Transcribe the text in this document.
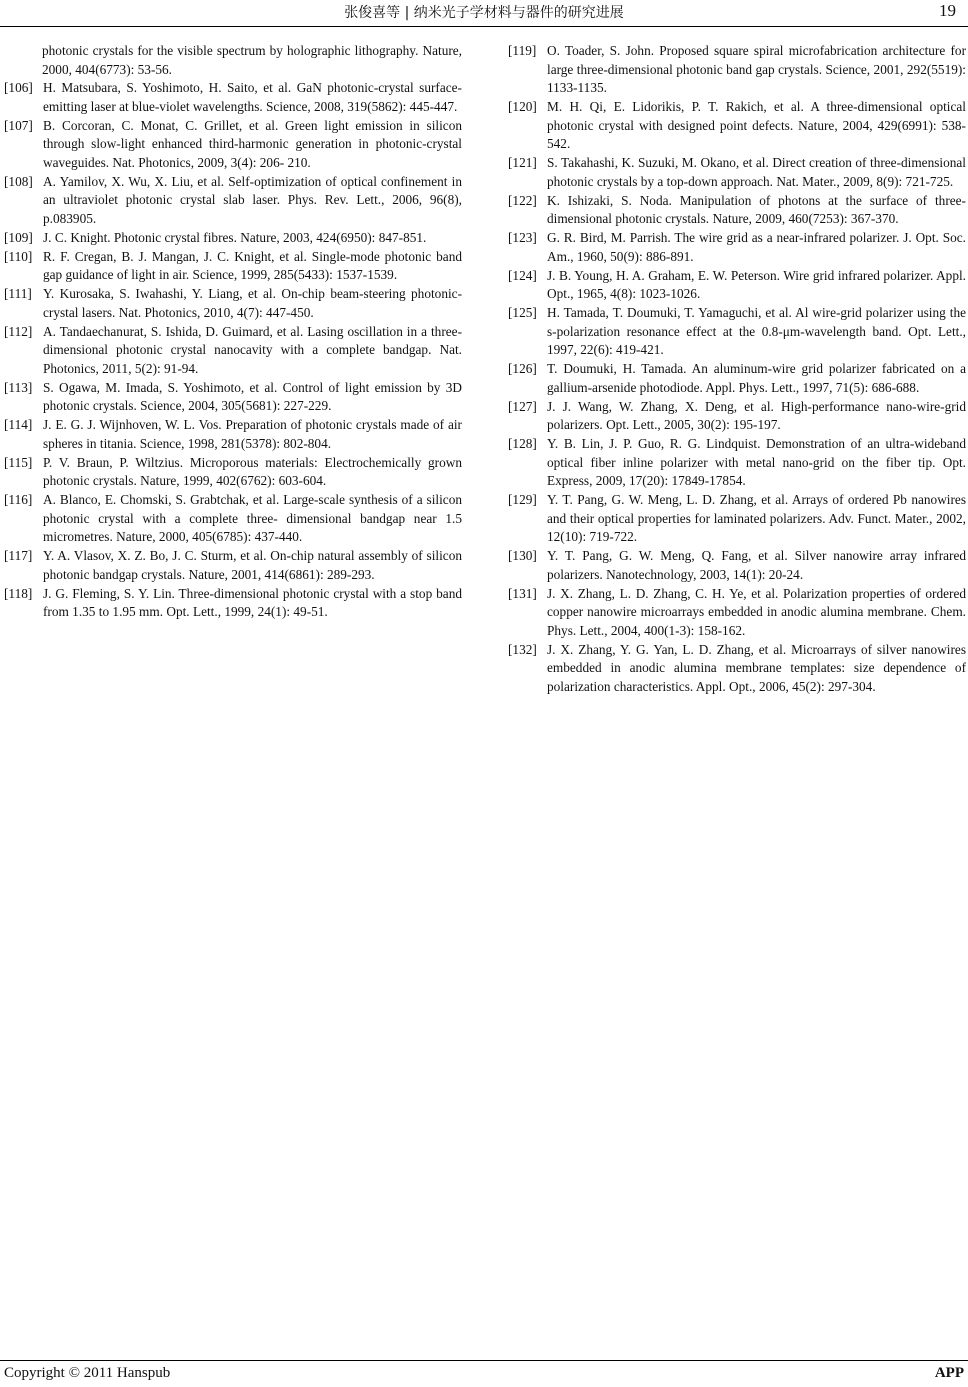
张俊喜等 | 纳米光子学材料与器件的研究进展	19
photonic crystals for the visible spectrum by holographic lithography. Nature, 2000, 404(6773): 53-56.
[106] H. Matsubara, S. Yoshimoto, H. Saito, et al. GaN photonic-crystal surface-emitting laser at blue-violet wavelengths. Science, 2008, 319(5862): 445-447.
[107] B. Corcoran, C. Monat, C. Grillet, et al. Green light emission in silicon through slow-light enhanced third-harmonic generation in photonic-crystal waveguides. Nat. Photonics, 2009, 3(4): 206- 210.
[108] A. Yamilov, X. Wu, X. Liu, et al. Self-optimization of optical confinement in an ultraviolet photonic crystal slab laser. Phys. Rev. Lett., 2006, 96(8), p.083905.
[109] J. C. Knight. Photonic crystal fibres. Nature, 2003, 424(6950): 847-851.
[110] R. F. Cregan, B. J. Mangan, J. C. Knight, et al. Single-mode photonic band gap guidance of light in air. Science, 1999, 285(5433): 1537-1539.
[111] Y. Kurosaka, S. Iwahashi, Y. Liang, et al. On-chip beam-steering photonic-crystal lasers. Nat. Photonics, 2010, 4(7): 447-450.
[112] A. Tandaechanurat, S. Ishida, D. Guimard, et al. Lasing oscillation in a three-dimensional photonic crystal nanocavity with a complete bandgap. Nat. Photonics, 2011, 5(2): 91-94.
[113] S. Ogawa, M. Imada, S. Yoshimoto, et al. Control of light emission by 3D photonic crystals. Science, 2004, 305(5681): 227-229.
[114] J. E. G. J. Wijnhoven, W. L. Vos. Preparation of photonic crystals made of air spheres in titania. Science, 1998, 281(5378): 802-804.
[115] P. V. Braun, P. Wiltzius. Microporous materials: Electrochemically grown photonic crystals. Nature, 1999, 402(6762): 603-604.
[116] A. Blanco, E. Chomski, S. Grabtchak, et al. Large-scale synthesis of a silicon photonic crystal with a complete three- dimensional bandgap near 1.5 micrometres. Nature, 2000, 405(6785): 437-440.
[117] Y. A. Vlasov, X. Z. Bo, J. C. Sturm, et al. On-chip natural assembly of silicon photonic bandgap crystals. Nature, 2001, 414(6861): 289-293.
[118] J. G. Fleming, S. Y. Lin. Three-dimensional photonic crystal with a stop band from 1.35 to 1.95 mm. Opt. Lett., 1999, 24(1): 49-51.
[119] O. Toader, S. John. Proposed square spiral microfabrication architecture for large three-dimensional photonic band gap crystals. Science, 2001, 292(5519): 1133-1135.
[120] M. H. Qi, E. Lidorikis, P. T. Rakich, et al. A three-dimensional optical photonic crystal with designed point defects. Nature, 2004, 429(6991): 538-542.
[121] S. Takahashi, K. Suzuki, M. Okano, et al. Direct creation of three-dimensional photonic crystals by a top-down approach. Nat. Mater., 2009, 8(9): 721-725.
[122] K. Ishizaki, S. Noda. Manipulation of photons at the surface of three-dimensional photonic crystals. Nature, 2009, 460(7253): 367-370.
[123] G. R. Bird, M. Parrish. The wire grid as a near-infrared polarizer. J. Opt. Soc. Am., 1960, 50(9): 886-891.
[124] J. B. Young, H. A. Graham, E. W. Peterson. Wire grid infrared polarizer. Appl. Opt., 1965, 4(8): 1023-1026.
[125] H. Tamada, T. Doumuki, T. Yamaguchi, et al. Al wire-grid polarizer using the s-polarization resonance effect at the 0.8-μm-wavelength band. Opt. Lett., 1997, 22(6): 419-421.
[126] T. Doumuki, H. Tamada. An aluminum-wire grid polarizer fabricated on a gallium-arsenide photodiode. Appl. Phys. Lett., 1997, 71(5): 686-688.
[127] J. J. Wang, W. Zhang, X. Deng, et al. High-performance nano-wire-grid polarizers. Opt. Lett., 2005, 30(2): 195-197.
[128] Y. B. Lin, J. P. Guo, R. G. Lindquist. Demonstration of an ultra-wideband optical fiber inline polarizer with metal nano-grid on the fiber tip. Opt. Express, 2009, 17(20): 17849-17854.
[129] Y. T. Pang, G. W. Meng, L. D. Zhang, et al. Arrays of ordered Pb nanowires and their optical properties for laminated polarizers. Adv. Funct. Mater., 2002, 12(10): 719-722.
[130] Y. T. Pang, G. W. Meng, Q. Fang, et al. Silver nanowire array infrared polarizers. Nanotechnology, 2003, 14(1): 20-24.
[131] J. X. Zhang, L. D. Zhang, C. H. Ye, et al. Polarization properties of ordered copper nanowire microarrays embedded in anodic alumina membrane. Chem. Phys. Lett., 2004, 400(1-3): 158-162.
[132] J. X. Zhang, Y. G. Yan, L. D. Zhang, et al. Microarrays of silver nanowires embedded in anodic alumina membrane templates: size dependence of polarization characteristics. Appl. Opt., 2006, 45(2): 297-304.
Copyright © 2011 Hanspub	APP
